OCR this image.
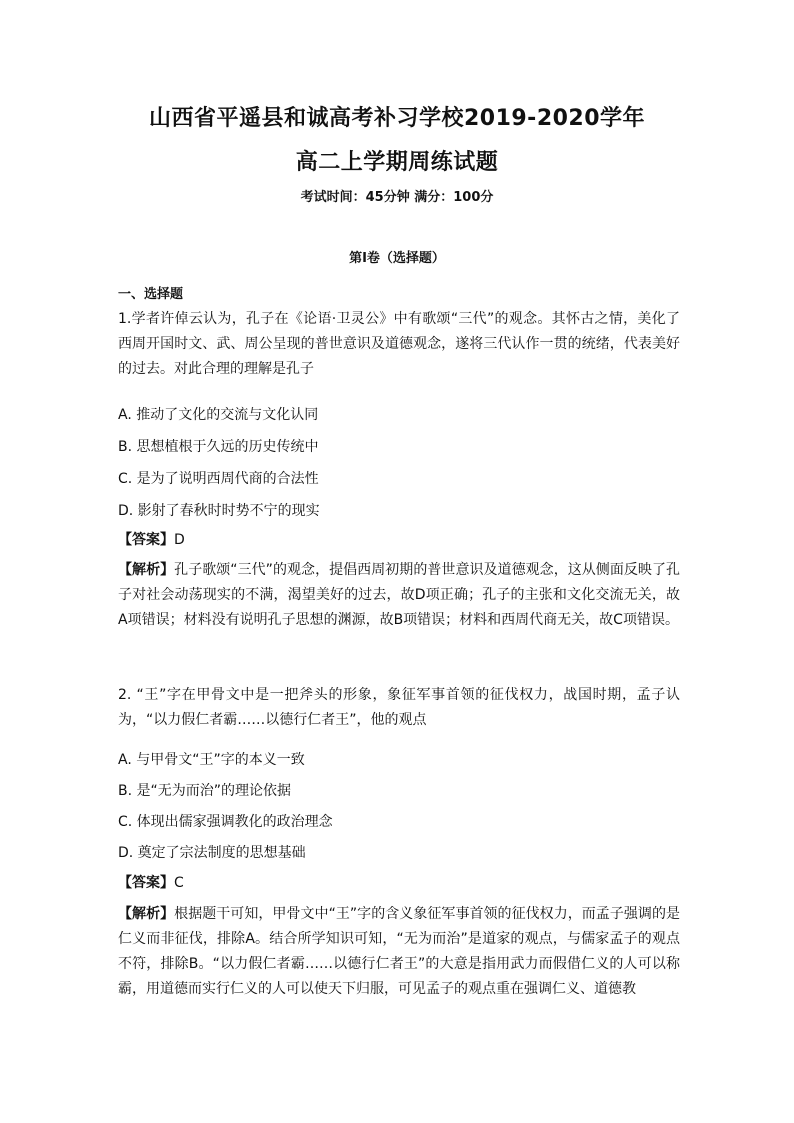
山西省平遥县和诚高考补习学校2019-2020学年
高二上学期周练试题
考试时间：45分钟 满分：100分
第I卷（选择题）
一、选择题
1.学者许倬云认为，孔子在《论语·卫灵公》中有歌颂“三代”的观念。其怀古之情，美化了西周开国时文、武、周公呈现的普世意识及道德观念，遂将三代认作一贯的统绪，代表美好的过去。对此合理的理解是孔子
A. 推动了文化的交流与文化认同
B. 思想植根于久远的历史传统中
C. 是为了说明西周代商的合法性
D. 影射了春秋时时势不宁的现实
【答案】D
【解析】孔子歌颂“三代”的观念，提倡西周初期的普世意识及道德观念，这从侧面反映了孔子对社会动荡现实的不满，渴望美好的过去，故D项正确；孔子的主张和文化交流无关，故A项错误；材料没有说明孔子思想的渊源，故B项错误；材料和西周代商无关，故C项错误。
2. “王”字在甲骨文中是一把斧头的形象，象征军事首领的征伐权力，战国时期，孟子认为，“以力假仁者霸……以德行仁者王”，他的观点
A. 与甲骨文“王”字的本义一致
B. 是“无为而治”的理论依据
C. 体现出儒家强调教化的政治理念
D. 奠定了宗法制度的思想基础
【答案】C
【解析】根据题干可知，甲骨文中“王”字的含义象征军事首领的征伐权力，而孟子强调的是仁义而非征伐，排除A。结合所学知识可知，“无为而治”是道家的观点，与儒家孟子的观点不符，排除B。“以力假仁者霸……以德行仁者王”的大意是指用武力而假借仁义的人可以称霸，用道德而实行仁义的人可以使天下归服，可见孟子的观点重在强调仁义、道德教
